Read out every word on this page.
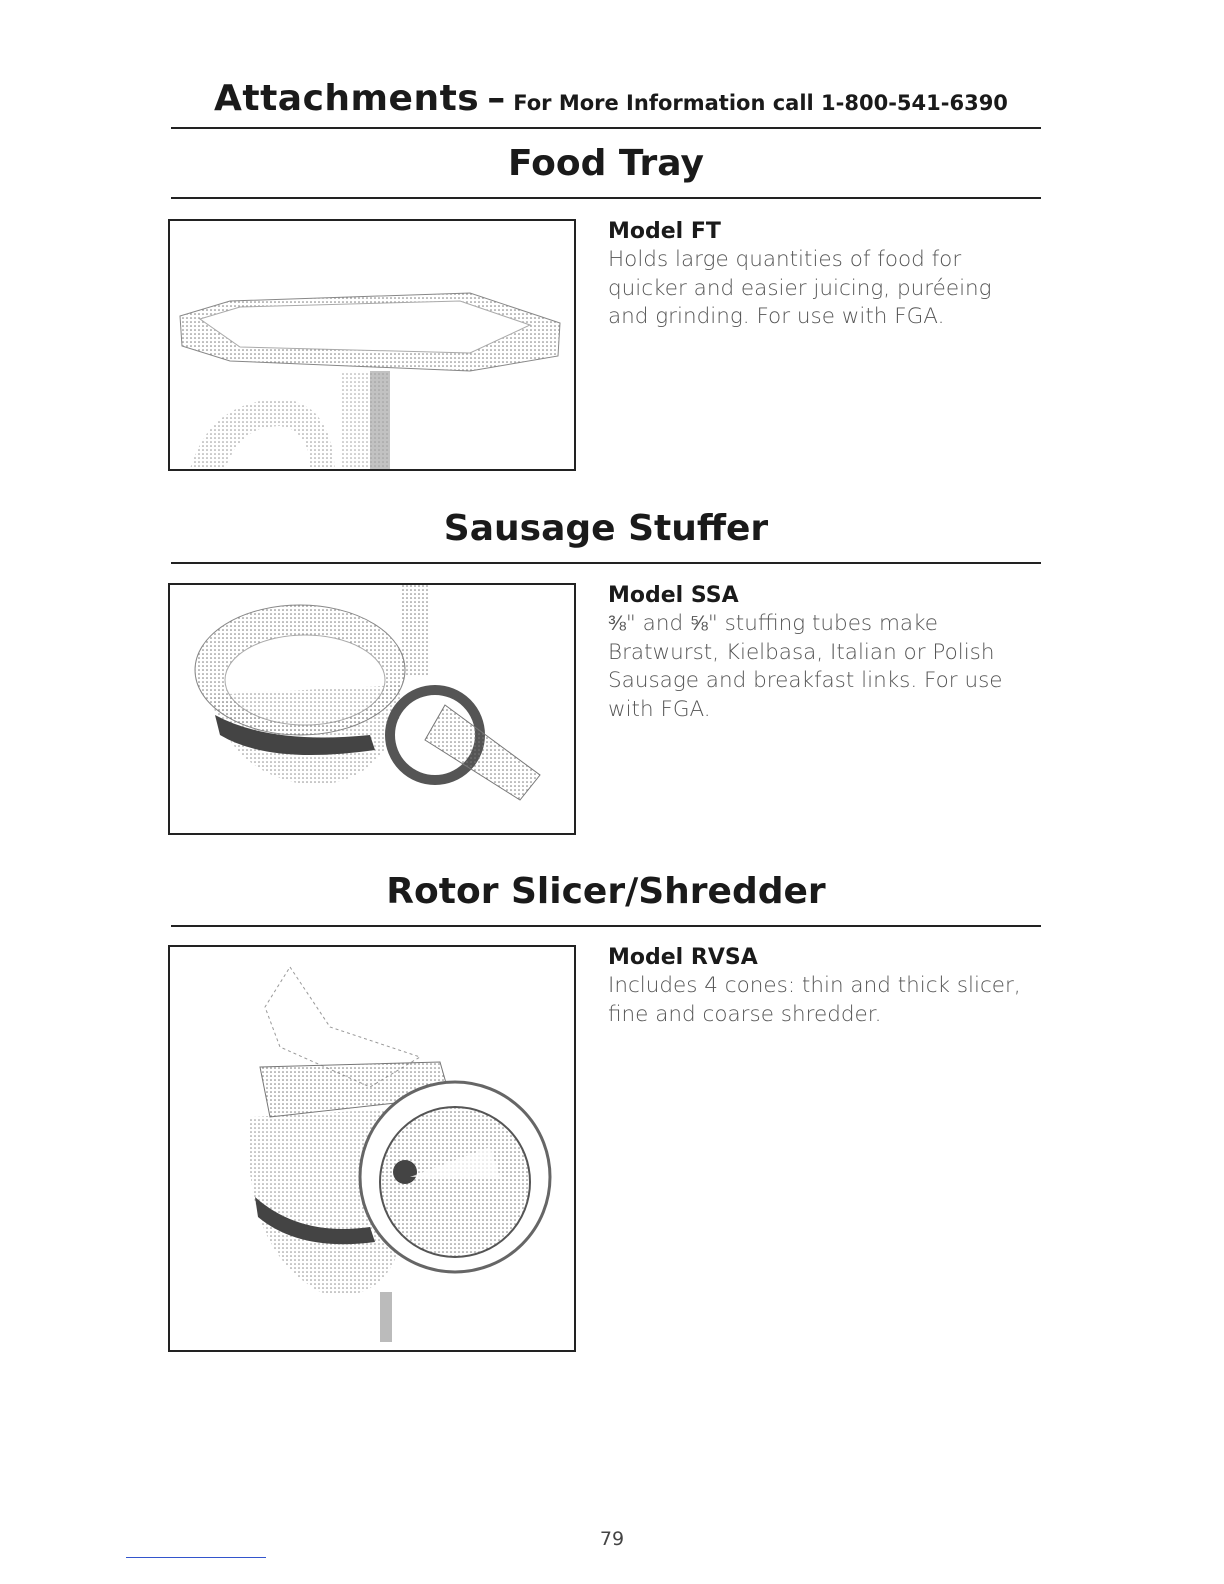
Attachments – For More Information call 1-800-541-6390
Food Tray
Model FT
Holds large quantities of food for quicker and easier juicing, puréeing and grinding. For use with FGA.
Sausage Stuffer
Model SSA
⅜" and ⅝" stuffing tubes make Bratwurst, Kielbasa, Italian or Polish Sausage and breakfast links. For use with FGA.
Rotor Slicer/Shredder
Model RVSA
Includes 4 cones: thin and thick slicer, fine and coarse shredder.
79
